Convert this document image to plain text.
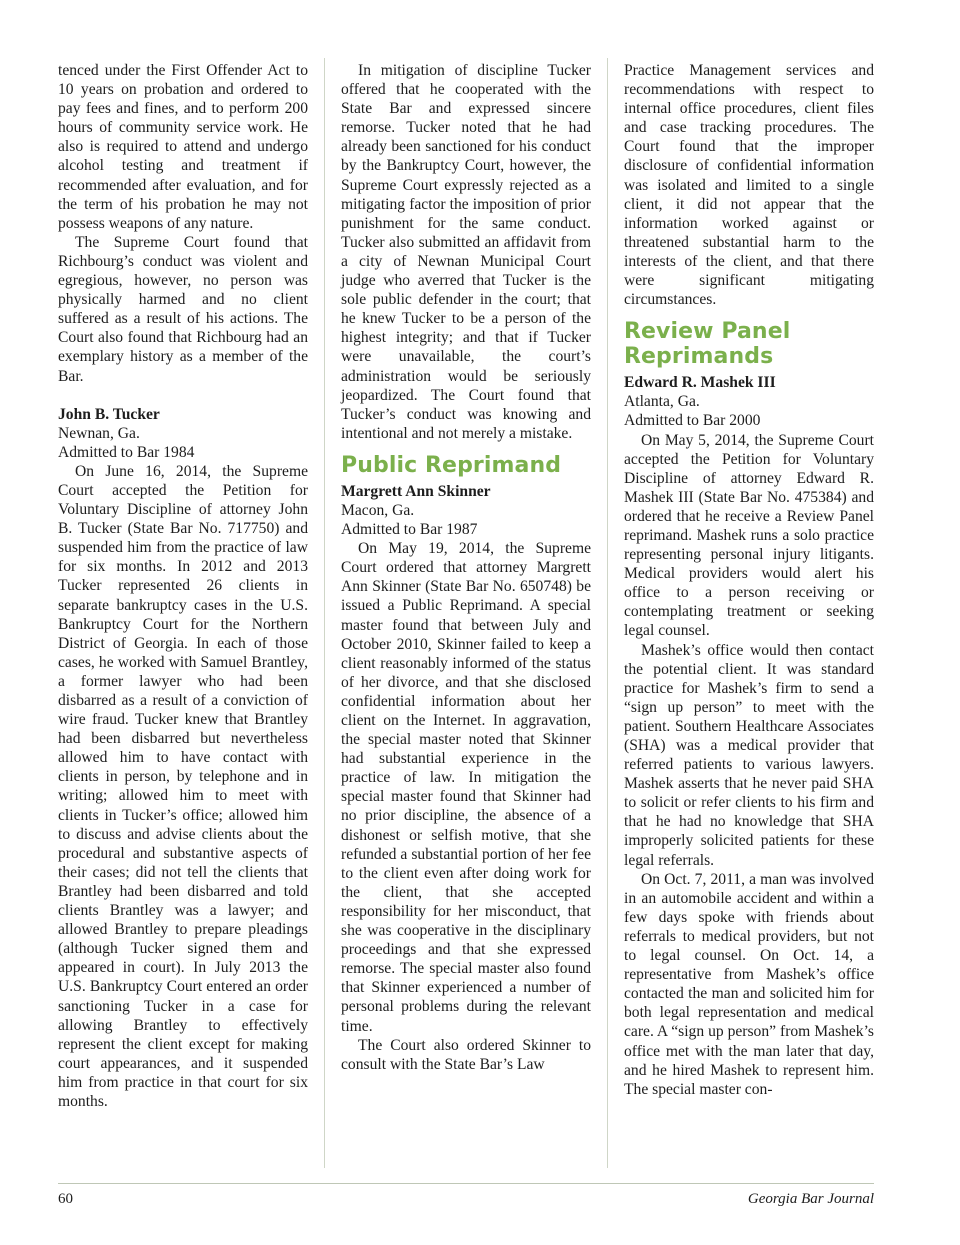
tenced under the First Offender Act to 10 years on probation and ordered to pay fees and fines, and to perform 200 hours of community service work. He also is required to attend and undergo alcohol testing and treatment if recommended after evaluation, and for the term of his probation he may not possess weapons of any nature.

The Supreme Court found that Richbourg’s conduct was violent and egregious, however, no person was physically harmed and no client suffered as a result of his actions. The Court also found that Richbourg had an exemplary history as a member of the Bar.

John B. Tucker

Newnan, Ga.

Admitted to Bar 1984

On June 16, 2014, the Supreme Court accepted the Petition for Voluntary Discipline of attorney John B. Tucker (State Bar No. 717750) and suspended him from the practice of law for six months. In 2012 and 2013 Tucker represented 26 clients in separate bankruptcy cases in the U.S. Bankruptcy Court for the Northern District of Georgia. In each of those cases, he worked with Samuel Brantley, a former lawyer who had been disbarred as a result of a conviction of wire fraud. Tucker knew that Brantley had been disbarred but nevertheless allowed him to have contact with clients in person, by telephone and in writing; allowed him to meet with clients in Tucker’s office; allowed him to discuss and advise clients about the procedural and substantive aspects of their cases; did not tell the clients that Brantley had been disbarred and told clients Brantley was a lawyer; and allowed Brantley to prepare pleadings (although Tucker signed them and appeared in court). In July 2013 the U.S. Bankruptcy Court entered an order sanctioning Tucker in a case for allowing Brantley to effectively represent the client except for making court appearances, and it suspended him from practice in that court for six months.

In mitigation of discipline Tucker offered that he cooperated with the State Bar and expressed sincere remorse. Tucker noted that he had already been sanctioned for his conduct by the Bankruptcy Court, however, the Supreme Court expressly rejected as a mitigating factor the imposition of prior punishment for the same conduct. Tucker also submitted an affidavit from a city of Newnan Municipal Court judge who averred that Tucker is the sole public defender in the court; that he knew Tucker to be a person of the highest integrity; and that if Tucker were unavailable, the court’s administration would be seriously jeopardized. The Court found that Tucker’s conduct was knowing and intentional and not merely a mistake.

Public Reprimand

Margrett Ann Skinner

Macon, Ga.

Admitted to Bar 1987

On May 19, 2014, the Supreme Court ordered that attorney Margrett Ann Skinner (State Bar No. 650748) be issued a Public Reprimand. A special master found that between July and October 2010, Skinner failed to keep a client reasonably informed of the status of her divorce, and that she disclosed confidential information about her client on the Internet. In aggravation, the special master noted that Skinner had substantial experience in the practice of law. In mitigation the special master found that Skinner had no prior discipline, the absence of a dishonest or selfish motive, that she refunded a substantial portion of her fee to the client even after doing work for the client, that she accepted responsibility for her misconduct, that she was cooperative in the disciplinary proceedings and that she expressed remorse. The special master also found that Skinner experienced a number of personal problems during the relevant time.

The Court also ordered Skinner to consult with the State Bar’s Law

Practice Management services and recommendations with respect to internal office procedures, client files and case tracking procedures. The Court found that the improper disclosure of confidential information was isolated and limited to a single client, it did not appear that the information worked against or threatened substantial harm to the interests of the client, and that there were significant mitigating circumstances.

Review Panel Reprimands

Edward R. Mashek III

Atlanta, Ga.

Admitted to Bar 2000

On May 5, 2014, the Supreme Court accepted the Petition for Voluntary Discipline of attorney Edward R. Mashek III (State Bar No. 475384) and ordered that he receive a Review Panel reprimand. Mashek runs a solo practice representing personal injury litigants. Medical providers would alert his office to a person receiving or contemplating treatment or seeking legal counsel.

Mashek’s office would then contact the potential client. It was standard practice for Mashek’s firm to send a “sign up person” to meet with the patient. Southern Healthcare Associates (SHA) was a medical provider that referred patients to various lawyers. Mashek asserts that he never paid SHA to solicit or refer clients to his firm and that he had no knowledge that SHA improperly solicited patients for these legal referrals.

On Oct. 7, 2011, a man was involved in an automobile accident and within a few days spoke with friends about referrals to medical providers, but not to legal counsel. On Oct. 14, a representative from Mashek’s office contacted the man and solicited him for both legal representation and medical care. A “sign up person” from Mashek’s office met with the man later that day, and he hired Mashek to represent him. The special master con-

60	Georgia Bar Journal
